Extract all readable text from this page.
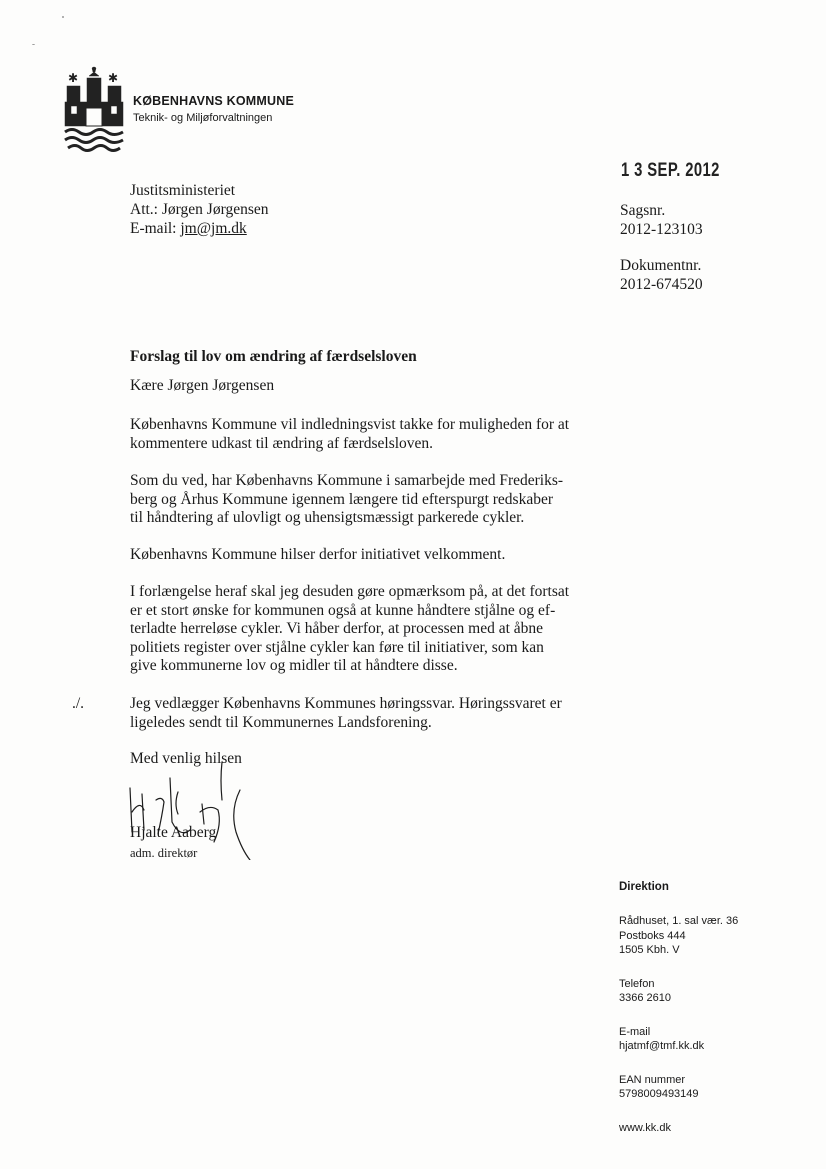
✱ ✱
KØBENHAVNS KOMMUNE
Teknik- og Miljøforvaltningen
1 3 SEP. 2012
Justitsministeriet
Att.: Jørgen Jørgensen
E-mail: jm@jm.dk
Sagsnr.
2012-123103
Dokumentnr.
2012-674520
Forslag til lov om ændring af færdselsloven
Kære Jørgen Jørgensen
Københavns Kommune vil indledningsvist takke for muligheden for at
kommentere udkast til ændring af færdselsloven.
Som du ved, har Københavns Kommune i samarbejde med Frederiks-
berg og Århus Kommune igennem længere tid efterspurgt redskaber
til håndtering af ulovligt og uhensigtsmæssigt parkerede cykler.
Københavns Kommune hilser derfor initiativet velkomment.
I forlængelse heraf skal jeg desuden gøre opmærksom på, at det fortsat
er et stort ønske for kommunen også at kunne håndtere stjålne og ef-
terladte herreløse cykler. Vi håber derfor, at processen med at åbne
politiets register over stjålne cykler kan føre til initiativer, som kan
give kommunerne lov og midler til at håndtere disse.
./.	Jeg vedlægger Københavns Kommunes høringssvar. Høringssvaret er
ligeledes sendt til Kommunernes Landsforening.
Med venlig hilsen
Hjalte Aaberg
adm. direktør
Direktion
Rådhuset, 1. sal vær. 36
Postboks 444
1505 Kbh. V
Telefon
3366 2610
E-mail
hjatmf@tmf.kk.dk
EAN nummer
5798009493149
www.kk.dk
